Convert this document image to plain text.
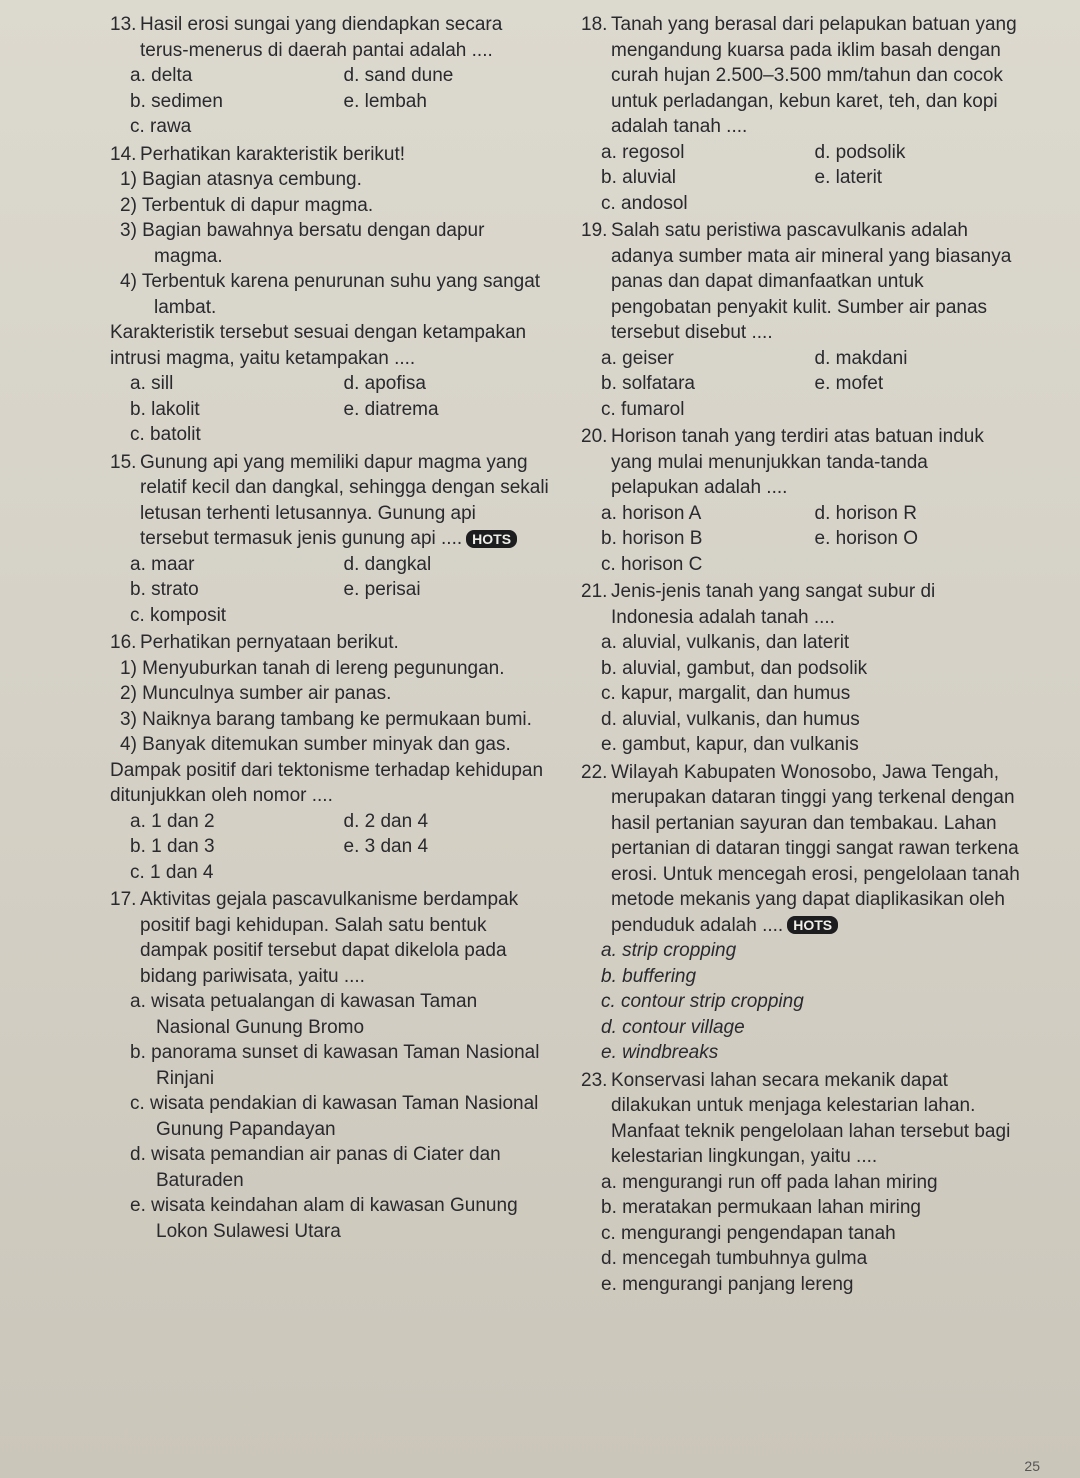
13. Hasil erosi sungai yang diendapkan secara terus-menerus di daerah pantai adalah ....
a. delta	d. sand dune
b. sedimen	e. lembah
c. rawa
14. Perhatikan karakteristik berikut!
1) Bagian atasnya cembung.
2) Terbentuk di dapur magma.
3) Bagian bawahnya bersatu dengan dapur magma.
4) Terbentuk karena penurunan suhu yang sangat lambat.
Karakteristik tersebut sesuai dengan ketampakan intrusi magma, yaitu ketampakan ....
a. sill	d. apofisa
b. lakolit	e. diatrema
c. batolit
15. Gunung api yang memiliki dapur magma yang relatif kecil dan dangkal, sehingga dengan sekali letusan terhenti letusannya. Gunung api tersebut termasuk jenis gunung api .... HOTS
a. maar	d. dangkal
b. strato	e. perisai
c. komposit
16. Perhatikan pernyataan berikut.
1) Menyuburkan tanah di lereng pegunungan.
2) Munculnya sumber air panas.
3) Naiknya barang tambang ke permukaan bumi.
4) Banyak ditemukan sumber minyak dan gas.
Dampak positif dari tektonisme terhadap kehidupan ditunjukkan oleh nomor ....
a. 1 dan 2	d. 2 dan 4
b. 1 dan 3	e. 3 dan 4
c. 1 dan 4
17. Aktivitas gejala pascavulkanisme berdampak positif bagi kehidupan. Salah satu bentuk dampak positif tersebut dapat dikelola pada bidang pariwisata, yaitu ....
a. wisata petualangan di kawasan Taman Nasional Gunung Bromo
b. panorama sunset di kawasan Taman Nasional Rinjani
c. wisata pendakian di kawasan Taman Nasional Gunung Papandayan
d. wisata pemandian air panas di Ciater dan Baturaden
e. wisata keindahan alam di kawasan Gunung Lokon Sulawesi Utara
18. Tanah yang berasal dari pelapukan batuan yang mengandung kuarsa pada iklim basah dengan curah hujan 2.500–3.500 mm/tahun dan cocok untuk perladangan, kebun karet, teh, dan kopi adalah tanah ....
a. regosol	d. podsolik
b. aluvial	e. laterit
c. andosol
19. Salah satu peristiwa pascavulkanis adalah adanya sumber mata air mineral yang biasanya panas dan dapat dimanfaatkan untuk pengobatan penyakit kulit. Sumber air panas tersebut disebut ....
a. geiser	d. makdani
b. solfatara	e. mofet
c. fumarol
20. Horison tanah yang terdiri atas batuan induk yang mulai menunjukkan tanda-tanda pelapukan adalah ....
a. horison A	d. horison R
b. horison B	e. horison O
c. horison C
21. Jenis-jenis tanah yang sangat subur di Indonesia adalah tanah ....
a. aluvial, vulkanis, dan laterit
b. aluvial, gambut, dan podsolik
c. kapur, margalit, dan humus
d. aluvial, vulkanis, dan humus
e. gambut, kapur, dan vulkanis
22. Wilayah Kabupaten Wonosobo, Jawa Tengah, merupakan dataran tinggi yang terkenal dengan hasil pertanian sayuran dan tembakau. Lahan pertanian di dataran tinggi sangat rawan terkena erosi. Untuk mencegah erosi, pengelolaan tanah metode mekanis yang dapat diaplikasikan oleh penduduk adalah .... HOTS
a. strip cropping
b. buffering
c. contour strip cropping
d. contour village
e. windbreaks
23. Konservasi lahan secara mekanik dapat dilakukan untuk menjaga kelestarian lahan. Manfaat teknik pengelolaan lahan tersebut bagi kelestarian lingkungan, yaitu ....
a. mengurangi run off pada lahan miring
b. meratakan permukaan lahan miring
c. mengurangi pengendapan tanah
d. mencegah tumbuhnya gulma
e. mengurangi panjang lereng
25
